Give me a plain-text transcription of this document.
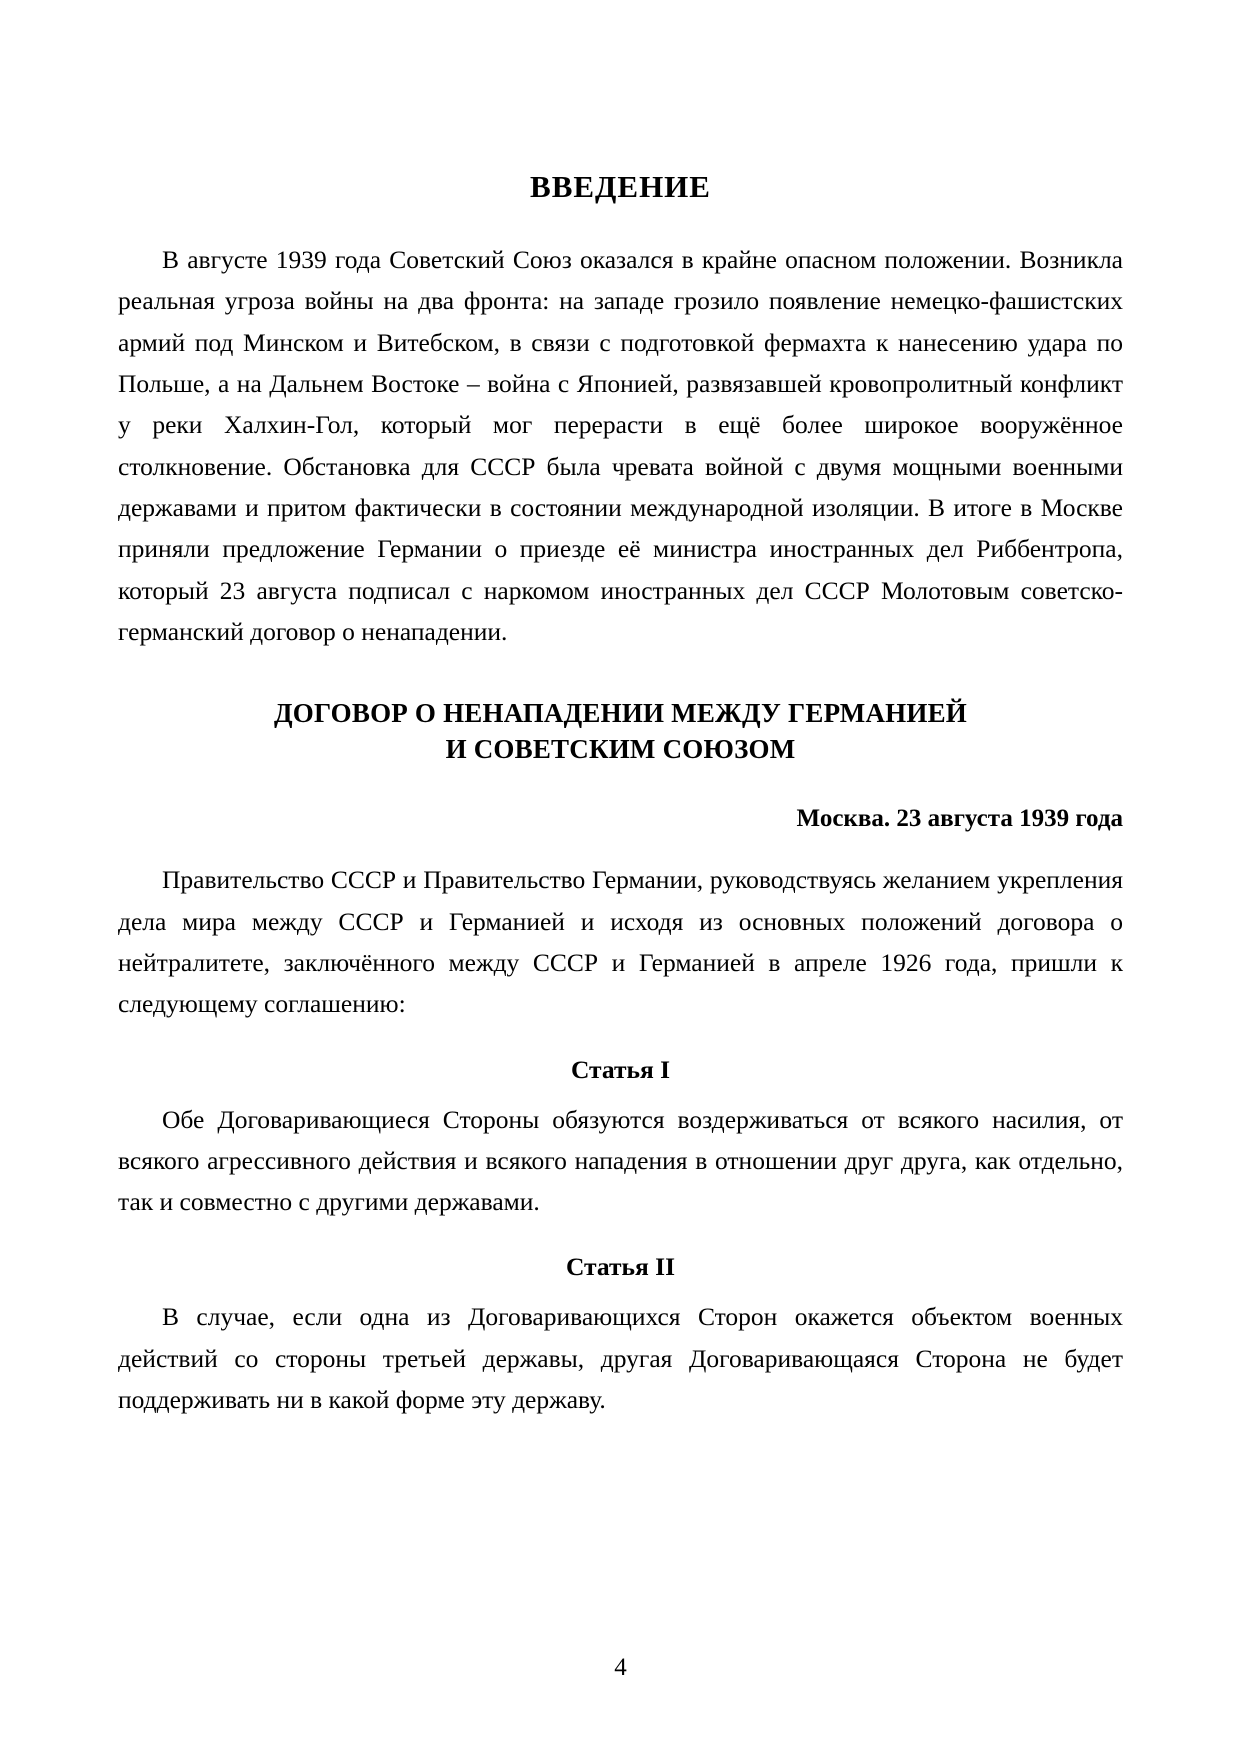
ВВЕДЕНИЕ

В августе 1939 года Советский Союз оказался в крайне опасном положении. Возникла реальная угроза войны на два фронта: на западе грозило появление немецко-фашистских армий под Минском и Витебском, в связи с подготовкой фермахта к нанесению удара по Польше, а на Дальнем Востоке – война с Японией, развязавшей кровопролитный конфликт у реки Халхин-Гол, который мог перерасти в ещё более широкое вооружённое столкновение. Обстановка для СССР была чревата войной с двумя мощными военными державами и притом фактически в состоянии международной изоляции. В итоге в Москве приняли предложение Германии о приезде её министра иностранных дел Риббентропа, который 23 августа подписал с наркомом иностранных дел СССР Молотовым советско-германский договор о ненападении.

ДОГОВОР О НЕНАПАДЕНИИ МЕЖДУ ГЕРМАНИЕЙ
И СОВЕТСКИМ СОЮЗОМ
Москва. 23 августа 1939 года

Правительство СССР и Правительство Германии, руководствуясь желанием укрепления дела мира между СССР и Германией и исходя из основных положений договора о нейтралитете, заключённого между СССР и Германией в апреле 1926 года, пришли к следующему соглашению:

Статья I

Обе Договаривающиеся Стороны обязуются воздерживаться от всякого насилия, от всякого агрессивного действия и всякого нападения в отношении друг друга, как отдельно, так и совместно с другими державами.

Статья II

В случае, если одна из Договаривающихся Сторон окажется объектом военных действий со стороны третьей державы, другая Договаривающаяся Сторона не будет поддерживать ни в какой форме эту державу.

4
